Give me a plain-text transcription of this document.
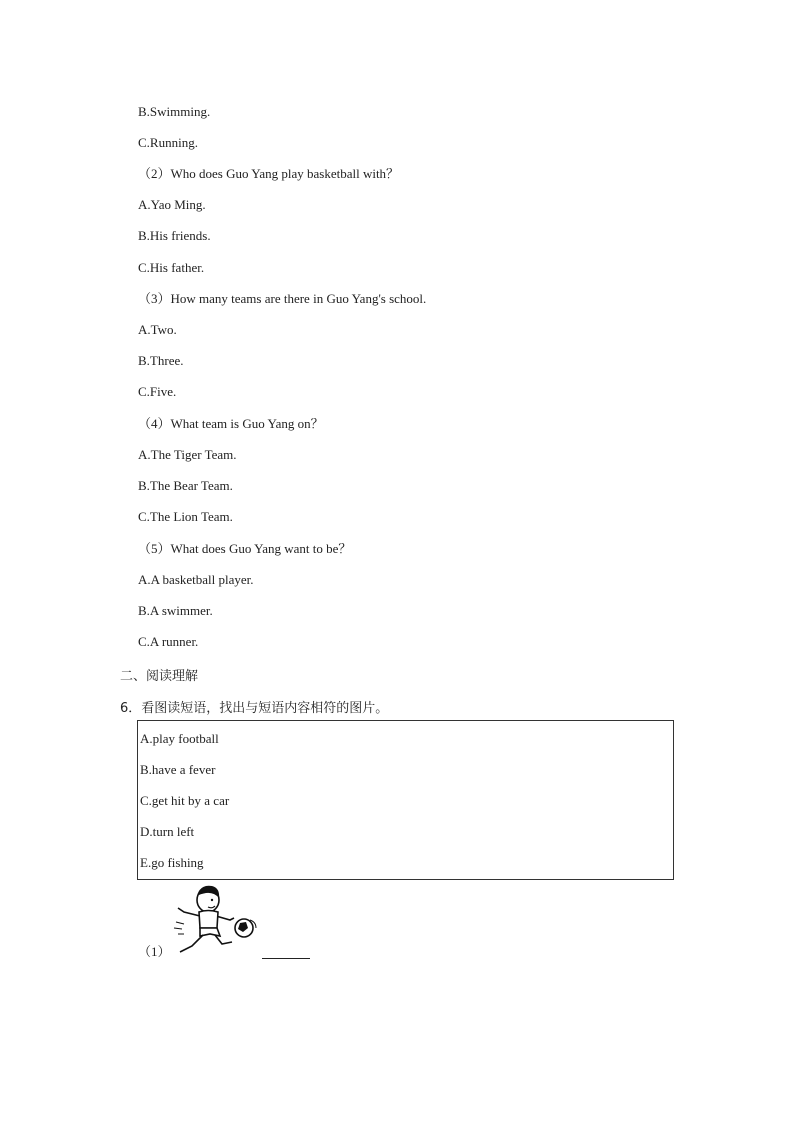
B.Swimming.
C.Running.
（2）Who does Guo Yang play basketball with？
A.Yao Ming.
B.His friends.
C.His father.
（3）How many teams are there in Guo Yang's school.
A.Two.
B.Three.
C.Five.
（4）What team is Guo Yang on？
A.The Tiger Team.
B.The Bear Team.
C.The Lion Team.
（5）What does Guo Yang want to be？
A.A basketball player.
B.A swimmer.
C.A runner.
二、阅读理解
6．看图读短语，找出与短语内容相符的图片。
A.play football
B.have a fever
C.get hit by a car
D.turn left
E.go fishing
（1）
